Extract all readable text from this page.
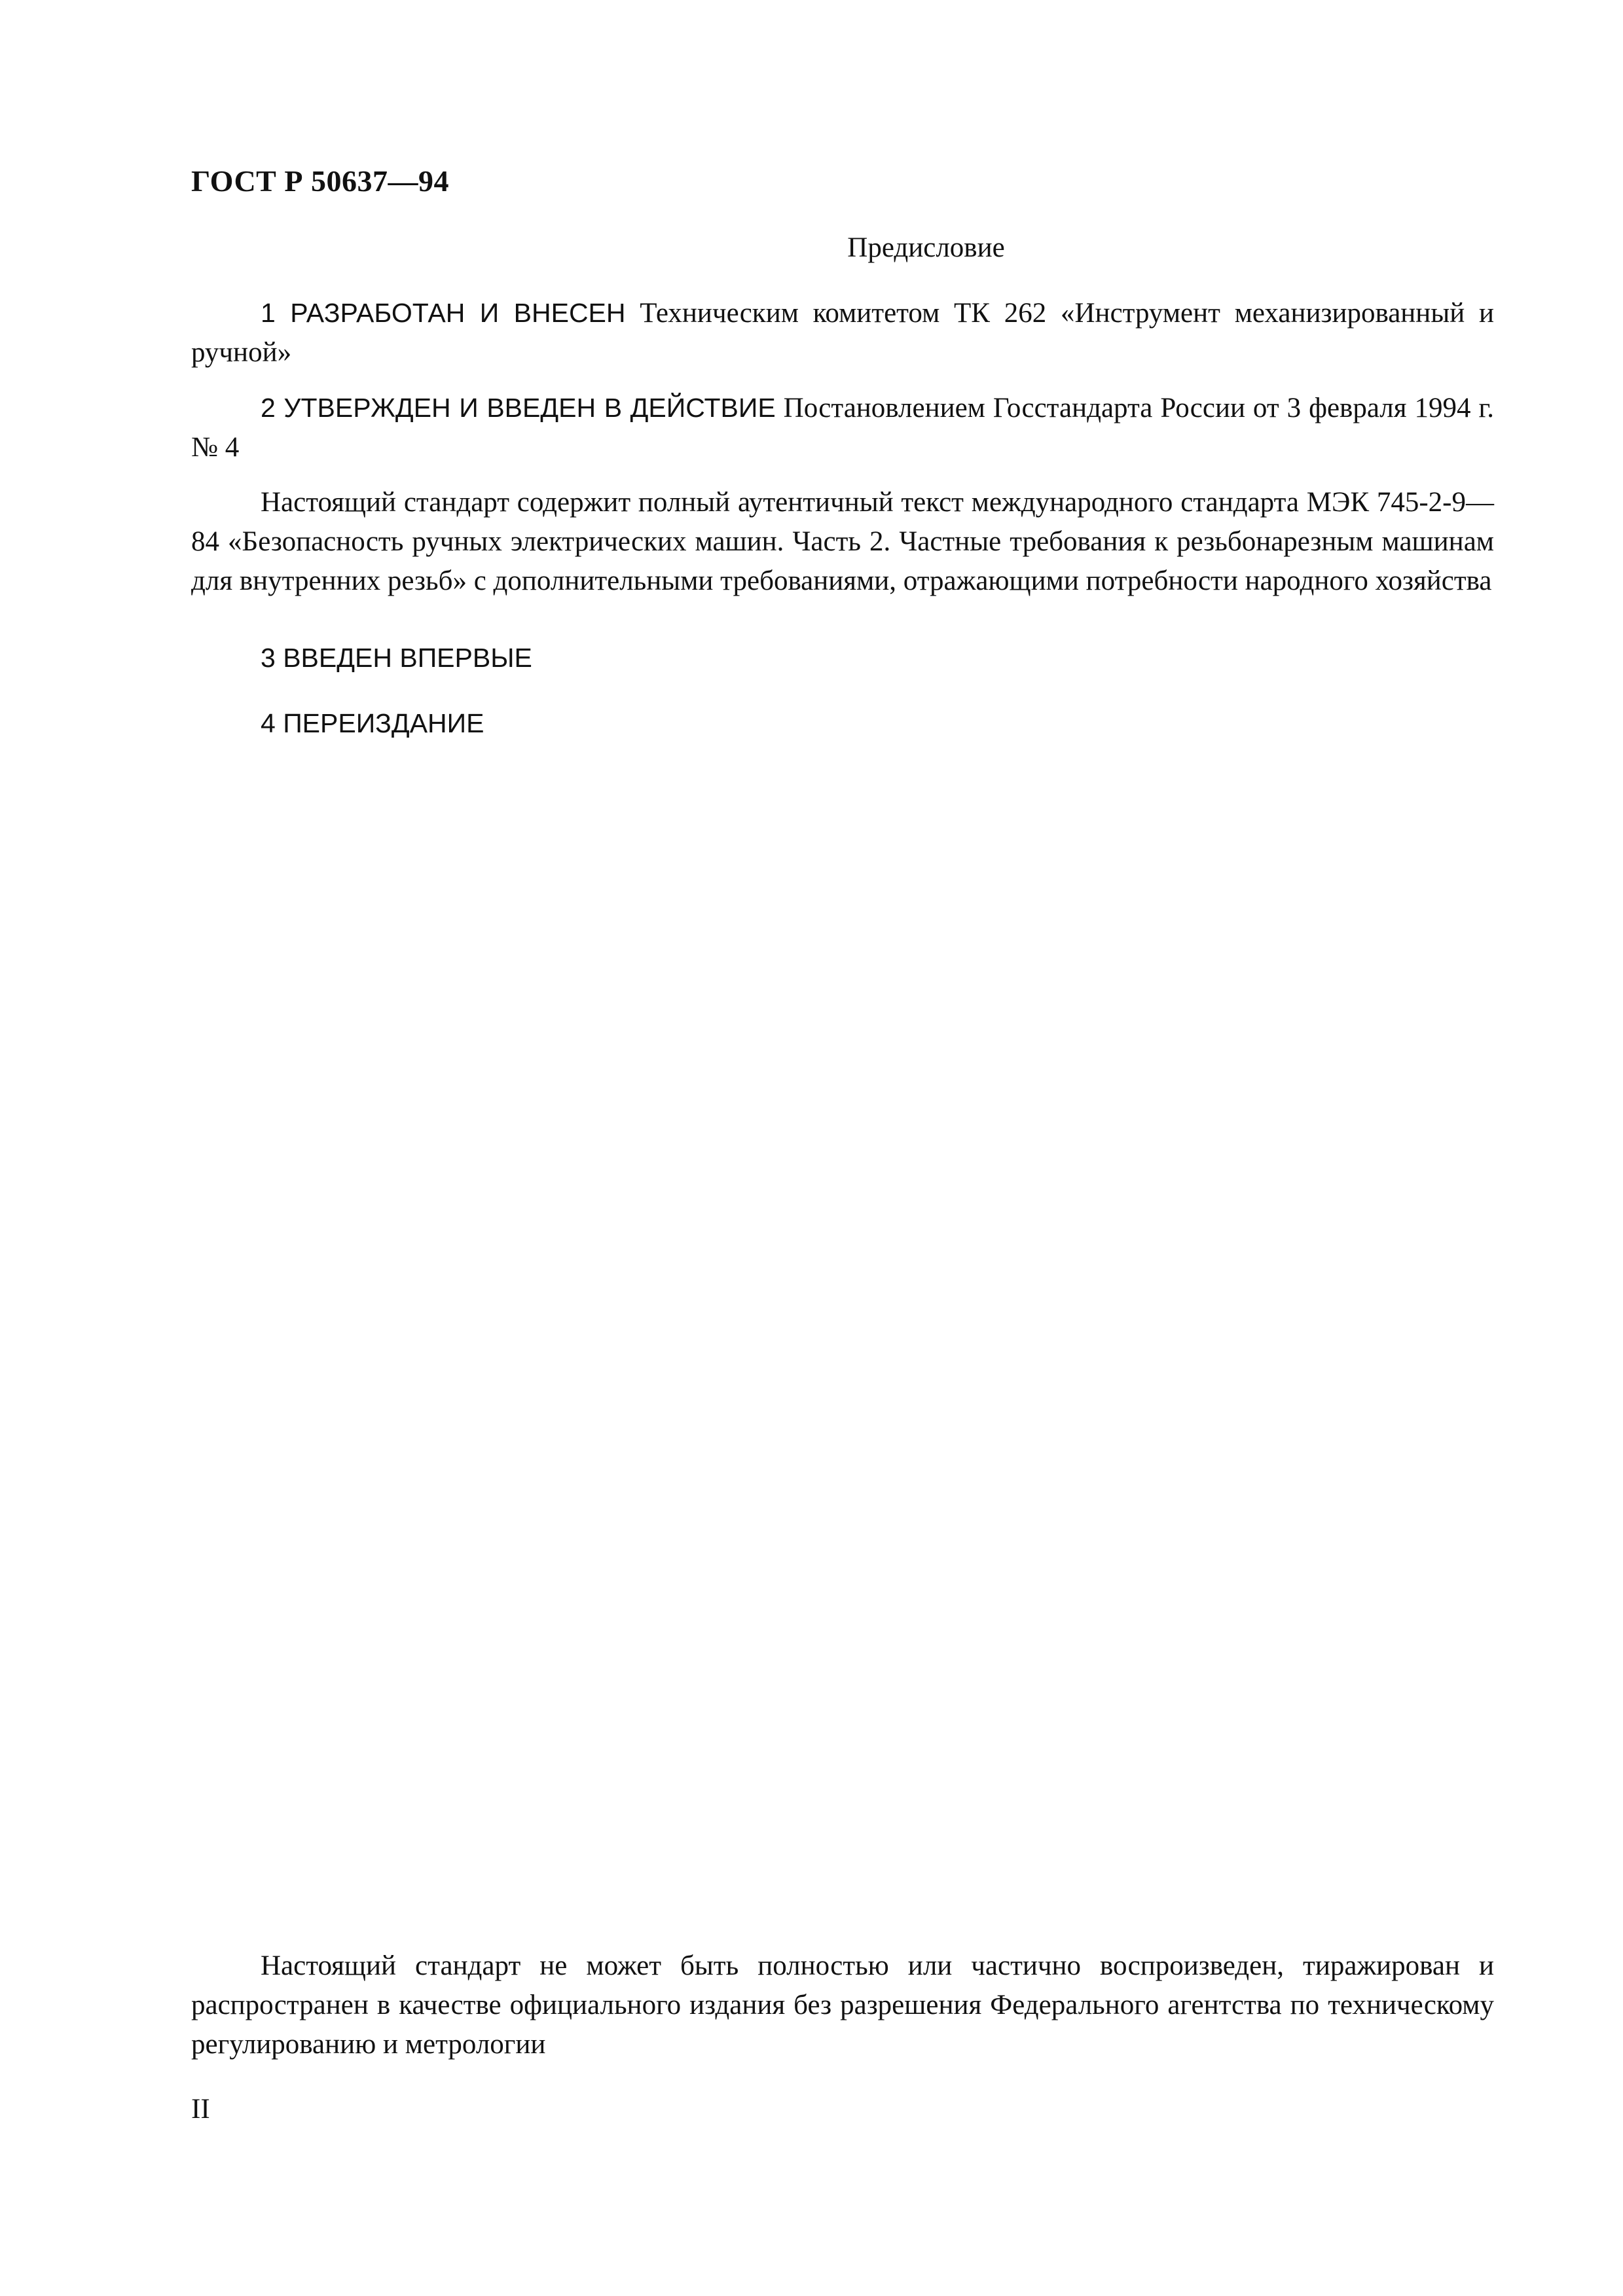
ГОСТ Р 50637—94
Предисловие
1 РАЗРАБОТАН И ВНЕСЕН Техническим комитетом ТК 262 «Инструмент механизированный и ручной»
2 УТВЕРЖДЕН И ВВЕДЕН В ДЕЙСТВИЕ Постановлением Госстандарта России от 3 февраля 1994 г. № 4
Настоящий стандарт содержит полный аутентичный текст международного стандарта МЭК 745-2-9—84 «Безопасность ручных электрических машин. Часть 2. Частные требования к резьбонарезным машинам для внутренних резьб» с дополнительными требованиями, отражающими потребности народного хозяйства
3 ВВЕДЕН ВПЕРВЫЕ
4 ПЕРЕИЗДАНИЕ
Настоящий стандарт не может быть полностью или частично воспроизведен, тиражирован и распространен в качестве официального издания без разрешения Федерального агентства по техническому регулированию и метрологии
II
